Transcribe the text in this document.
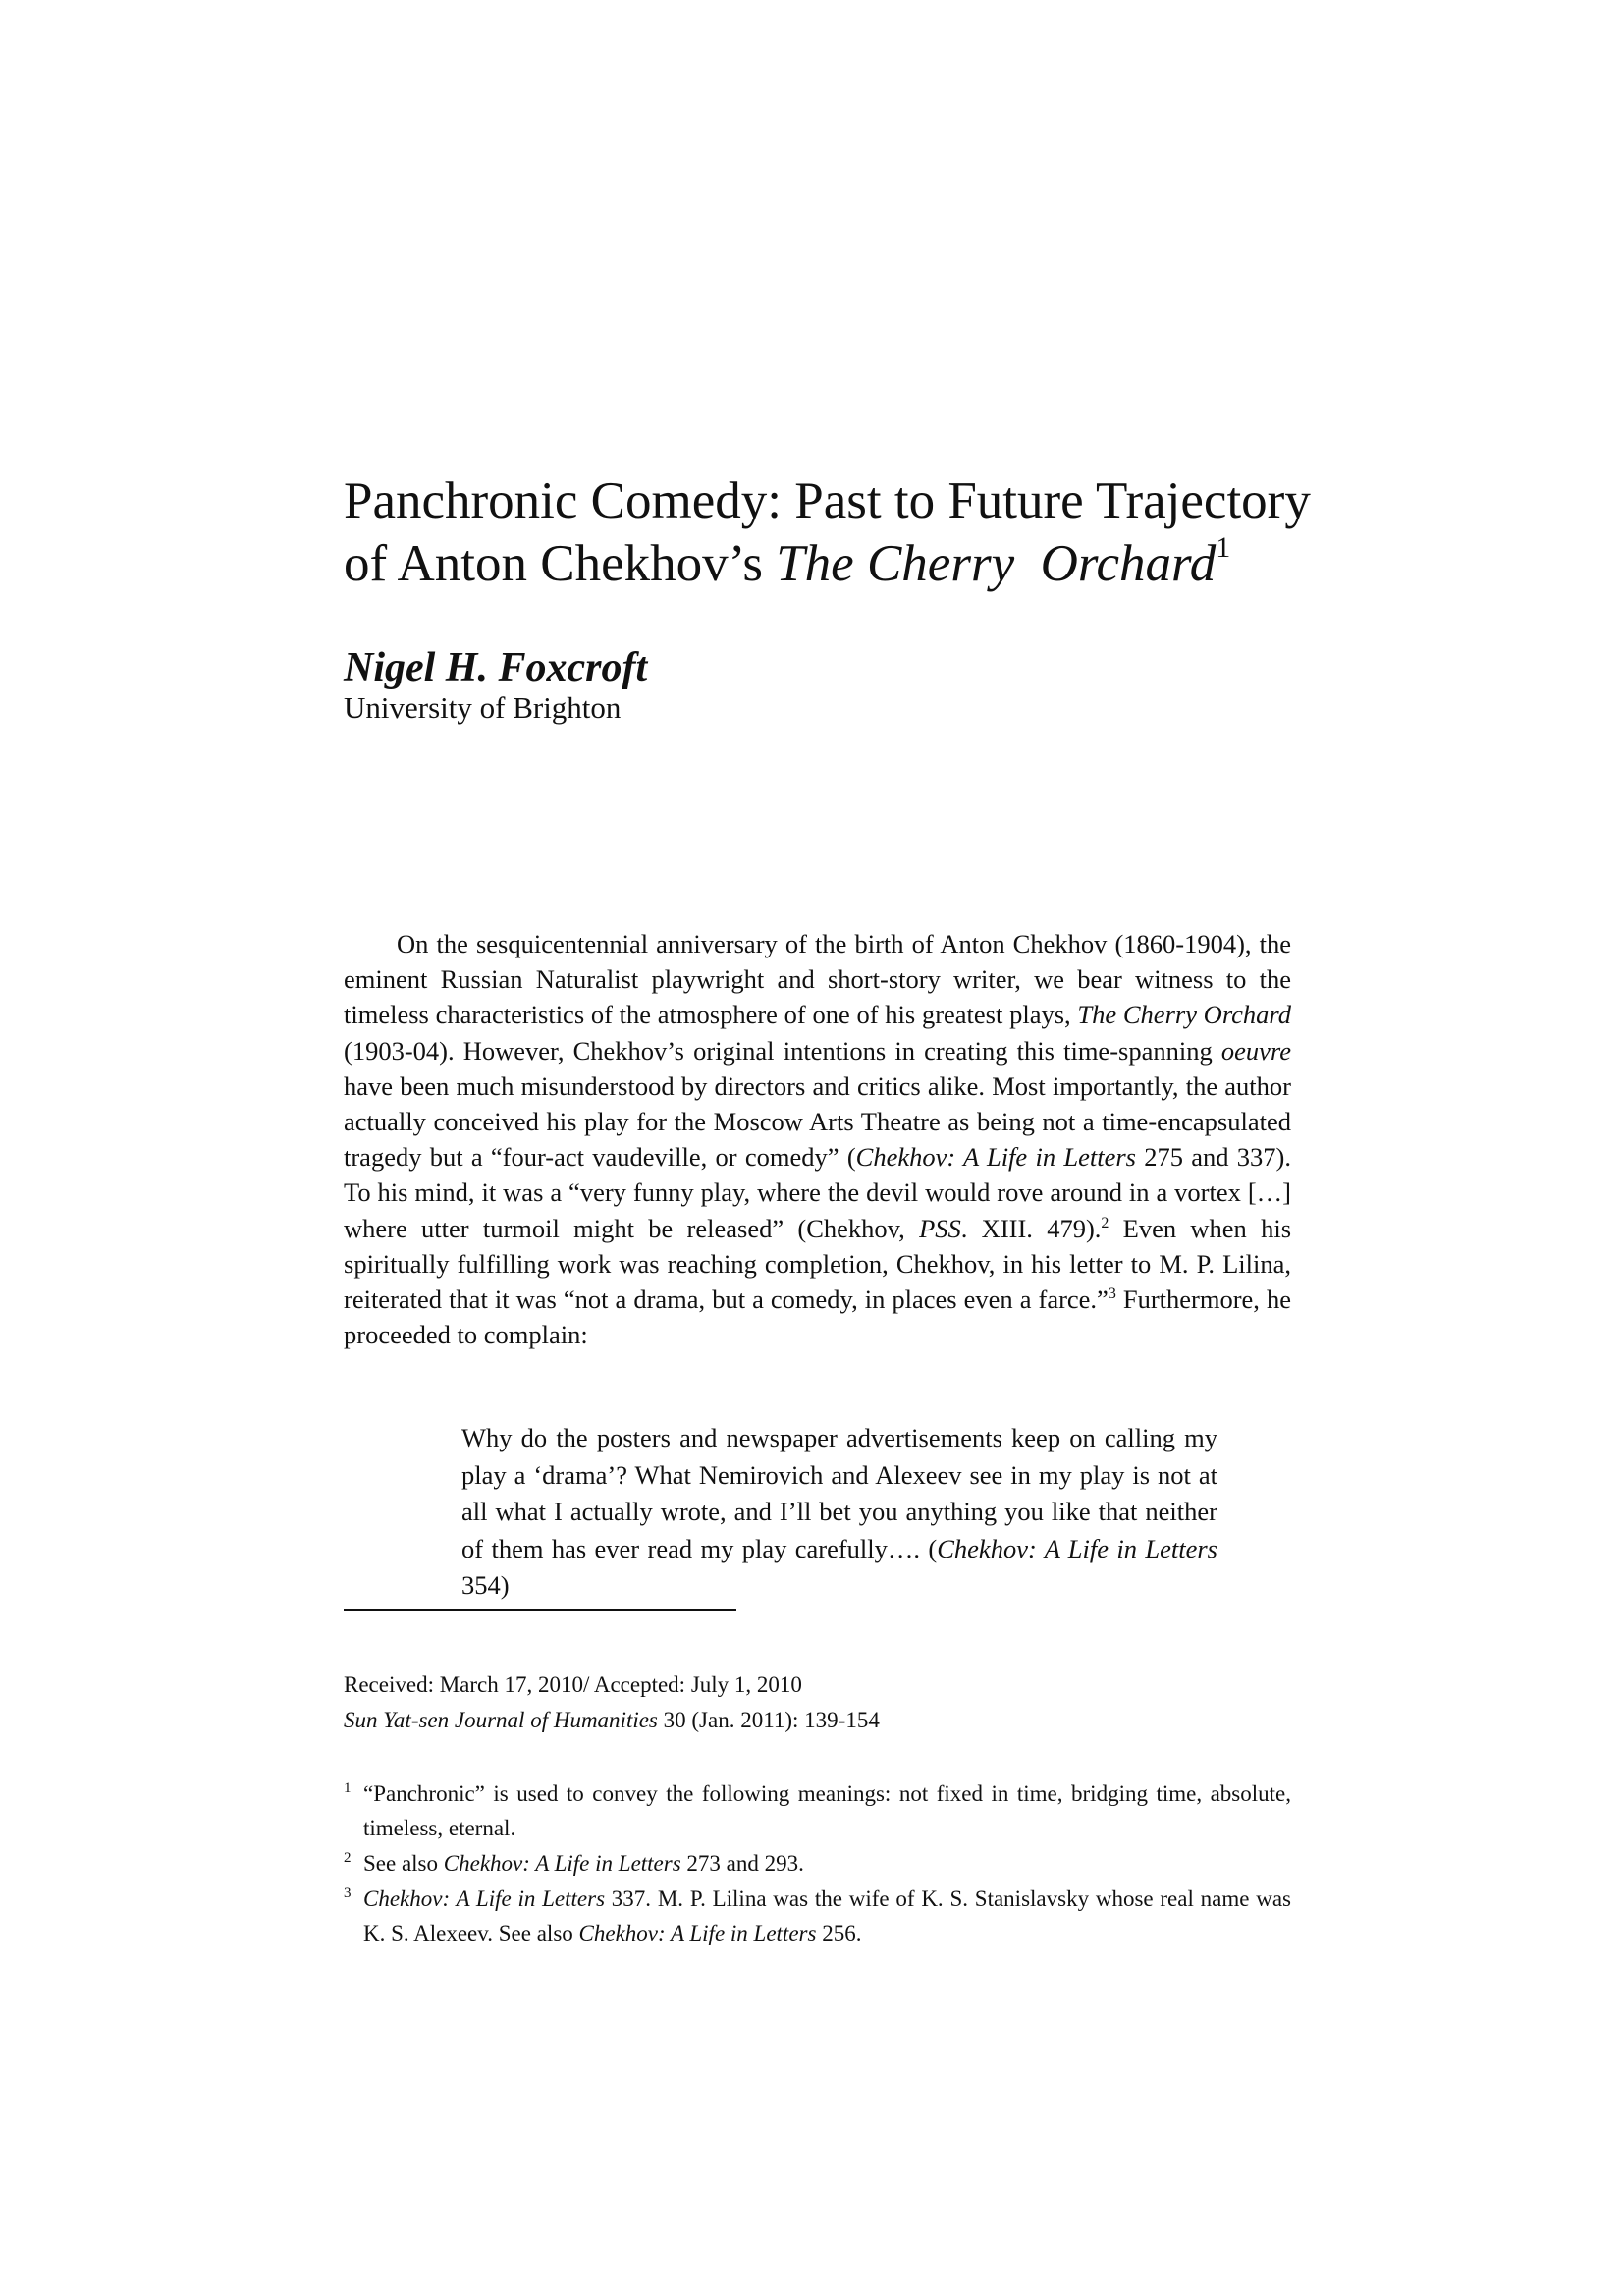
Panchronic Comedy: Past to Future Trajectory
of Anton Chekhov’s The Cherry  Orchard$^1$
Nigel H. Foxcroft
University of Brighton

On the sesquicentennial anniversary of the birth of Anton Chekhov (1860-1904), the eminent Russian Naturalist playwright and short-story writer, we bear witness to the timeless characteristics of the atmosphere of one of his greatest plays, The Cherry Orchard (1903-04). However, Chekhov’s original intentions in creating this time-spanning oeuvre have been much misunderstood by directors and critics alike. Most importantly, the author actually conceived his play for the Moscow Arts Theatre as being not a time-encapsulated tragedy but a “four-act vaudeville, or comedy” (Chekhov: A Life in Letters 275 and 337). To his mind, it was a “very funny play, where the devil would rove around in a vortex […] where utter turmoil might be released” (Chekhov, PSS. XIII. 479).$^2$ Even when his spiritually fulfilling work was reaching completion, Chekhov, in his letter to M. P. Lilina, reiterated that it was “not a drama, but a comedy, in places even a farce.”$^3$ Furthermore, he proceeded to complain:

Why do the posters and newspaper advertisements keep on calling my play a ‘drama’? What Nemirovich and Alexeev see in my play is not at all what I actually wrote, and I’ll bet you anything you like that neither of them has ever read my play carefully…. (Chekhov: A Life in Letters 354)

Received: March 17, 2010/ Accepted: July 1, 2010
Sun Yat-sen Journal of Humanities 30 (Jan. 2011): 139-154

1 “Panchronic” is used to convey the following meanings: not fixed in time, bridging time, absolute, timeless, eternal.

2 See also Chekhov: A Life in Letters 273 and 293.

3 Chekhov: A Life in Letters 337. M. P. Lilina was the wife of K. S. Stanislavsky whose real name was K. S. Alexeev. See also Chekhov: A Life in Letters 256.
